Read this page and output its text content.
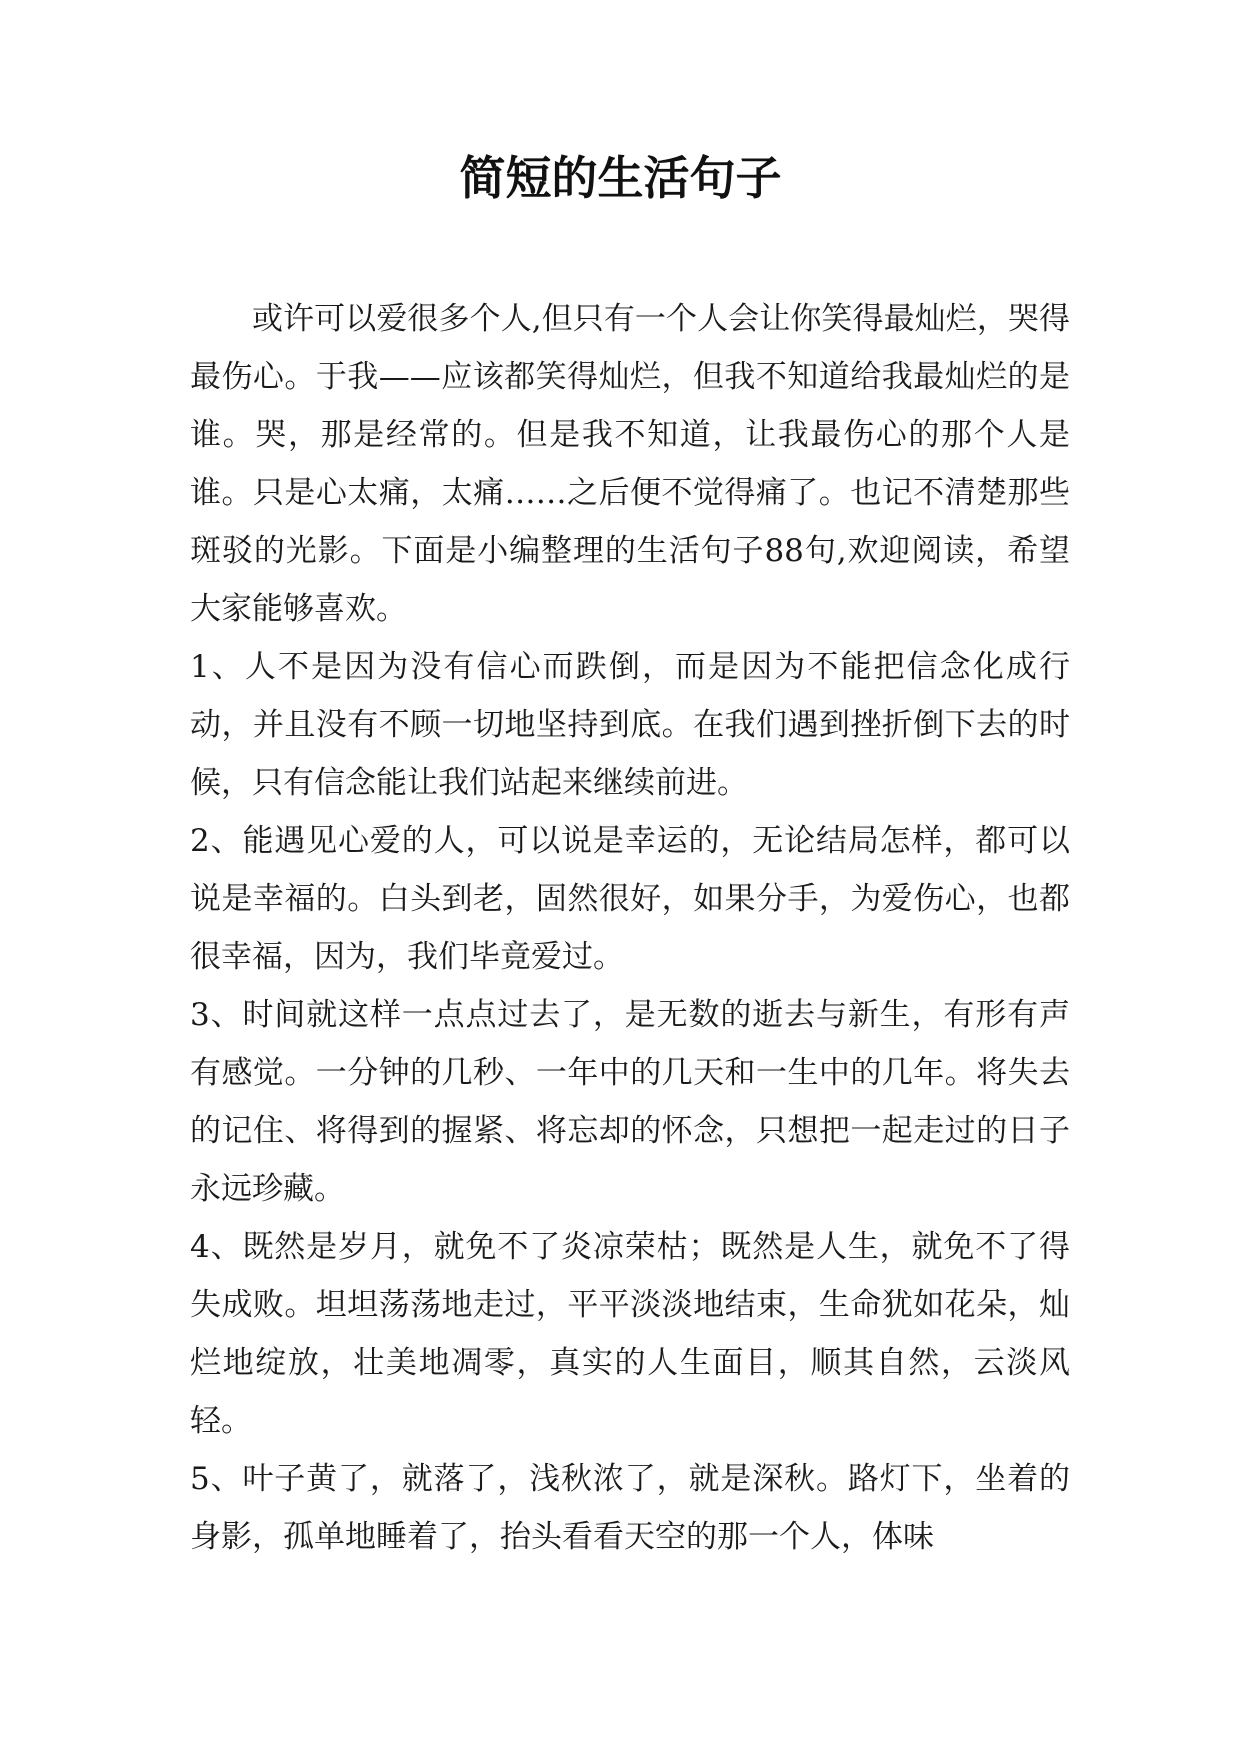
简短的生活句子

或许可以爱很多个人,但只有一个人会让你笑得最灿烂，哭得最伤心。于我——应该都笑得灿烂，但我不知道给我最灿烂的是谁。哭，那是经常的。但是我不知道，让我最伤心的那个人是谁。只是心太痛，太痛……之后便不觉得痛了。也记不清楚那些斑驳的光影。下面是小编整理的生活句子88句,欢迎阅读，希望大家能够喜欢。

1、人不是因为没有信心而跌倒，而是因为不能把信念化成行动，并且没有不顾一切地坚持到底。在我们遇到挫折倒下去的时候，只有信念能让我们站起来继续前进。

2、能遇见心爱的人，可以说是幸运的，无论结局怎样，都可以说是幸福的。白头到老，固然很好，如果分手，为爱伤心，也都很幸福，因为，我们毕竟爱过。

3、时间就这样一点点过去了，是无数的逝去与新生，有形有声有感觉。一分钟的几秒、一年中的几天和一生中的几年。将失去的记住、将得到的握紧、将忘却的怀念，只想把一起走过的日子永远珍藏。

4、既然是岁月，就免不了炎凉荣枯；既然是人生，就免不了得失成败。坦坦荡荡地走过，平平淡淡地结束，生命犹如花朵，灿烂地绽放，壮美地凋零，真实的人生面目，顺其自然，云淡风轻。

5、叶子黄了，就落了，浅秋浓了，就是深秋。路灯下，坐着的身影，孤单地睡着了，抬头看看天空的那一个人，体味
